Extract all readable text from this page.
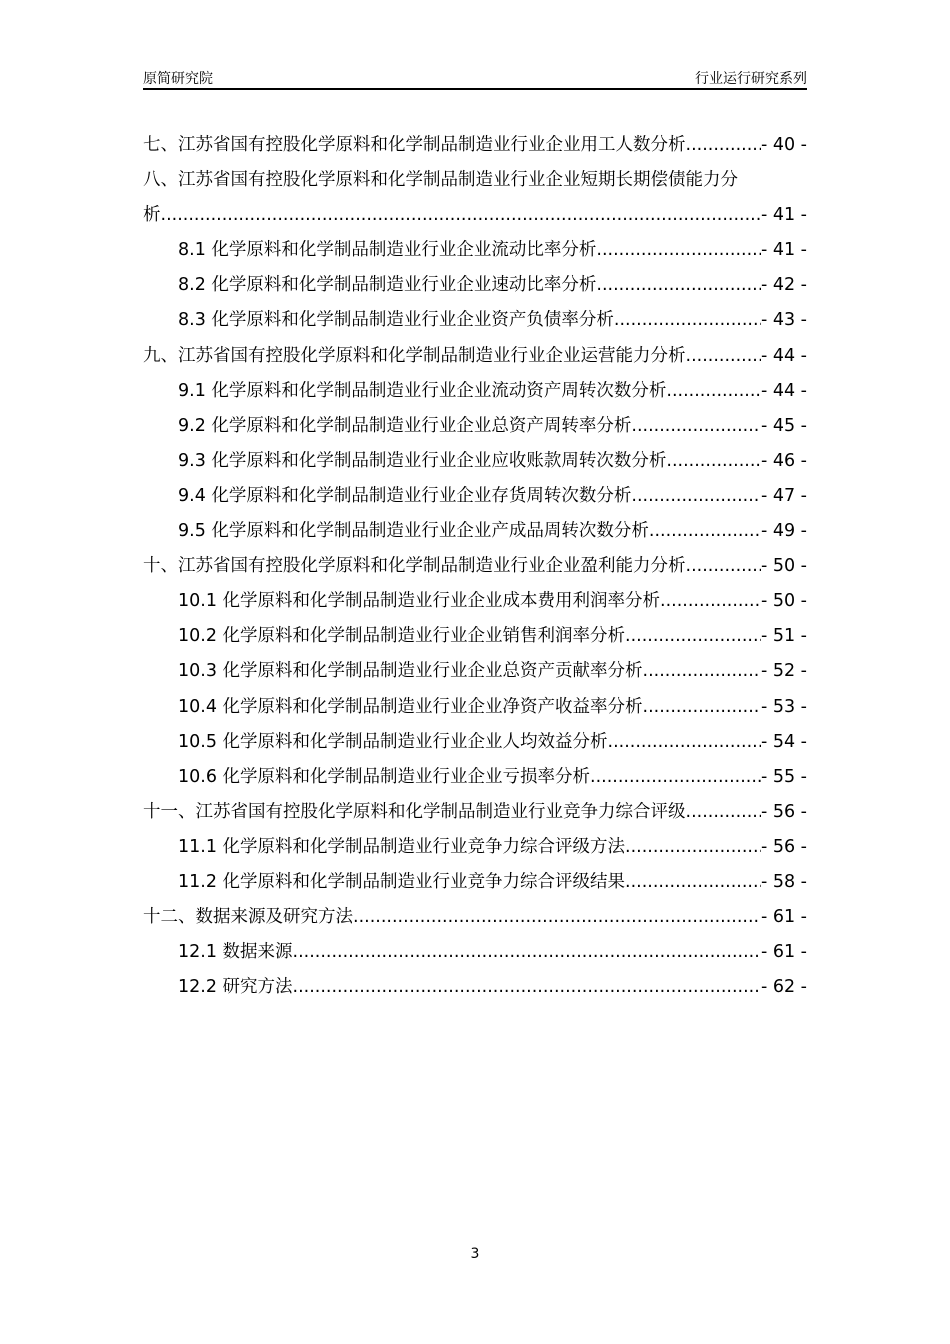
原简研究院	行业运行研究系列
七、江苏省国有控股化学原料和化学制品制造业行业企业用工人数分析 .....	- 40 -
八、江苏省国有控股化学原料和化学制品制造业行业企业短期长期偿债能力分
析 .....	- 41 -
8.1 化学原料和化学制品制造业行业企业流动比率分析 .....	- 41 -
8.2 化学原料和化学制品制造业行业企业速动比率分析 .....	- 42 -
8.3 化学原料和化学制品制造业行业企业资产负债率分析 .....	- 43 -
九、江苏省国有控股化学原料和化学制品制造业行业企业运营能力分析 .....	- 44 -
9.1 化学原料和化学制品制造业行业企业流动资产周转次数分析 .....	- 44 -
9.2 化学原料和化学制品制造业行业企业总资产周转率分析 .....	- 45 -
9.3 化学原料和化学制品制造业行业企业应收账款周转次数分析 .....	- 46 -
9.4 化学原料和化学制品制造业行业企业存货周转次数分析 .....	- 47 -
9.5 化学原料和化学制品制造业行业企业产成品周转次数分析 .....	- 49 -
十、江苏省国有控股化学原料和化学制品制造业行业企业盈利能力分析 .....	- 50 -
10.1 化学原料和化学制品制造业行业企业成本费用利润率分析 .....	- 50 -
10.2 化学原料和化学制品制造业行业企业销售利润率分析 .....	- 51 -
10.3 化学原料和化学制品制造业行业企业总资产贡献率分析 .....	- 52 -
10.4 化学原料和化学制品制造业行业企业净资产收益率分析 .....	- 53 -
10.5 化学原料和化学制品制造业行业企业人均效益分析 .....	- 54 -
10.6 化学原料和化学制品制造业行业企业亏损率分析 .....	- 55 -
十一、江苏省国有控股化学原料和化学制品制造业行业竞争力综合评级 .....	- 56 -
11.1 化学原料和化学制品制造业行业竞争力综合评级方法 .....	- 56 -
11.2 化学原料和化学制品制造业行业竞争力综合评级结果 .....	- 58 -
十二、数据来源及研究方法 .....	- 61 -
12.1 数据来源 .....	- 61 -
12.2 研究方法 .....	- 62 -
3
